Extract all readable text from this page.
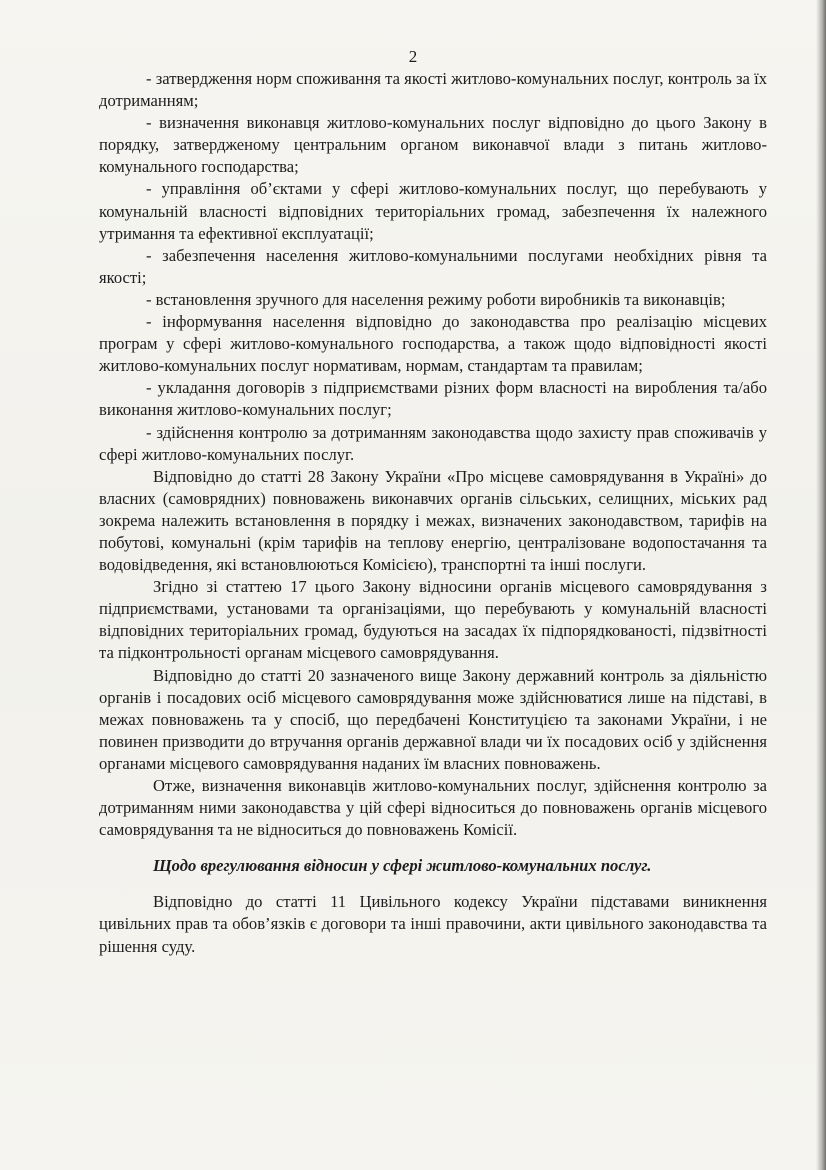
2

- затвердження норм споживання та якості житлово-комунальних послуг, контроль за їх дотриманням;

- визначення виконавця житлово-комунальних послуг відповідно до цього Закону в порядку, затвердженому центральним органом виконавчої влади з питань житлово-комунального господарства;

- управління об’єктами у сфері житлово-комунальних послуг, що перебувають у комунальній власності відповідних територіальних громад, забезпечення їх належного утримання та ефективної експлуатації;

- забезпечення населення житлово-комунальними послугами необхідних рівня та якості;

- встановлення зручного для населення режиму роботи виробників та виконавців;

- інформування населення відповідно до законодавства про реалізацію місцевих програм у сфері житлово-комунального господарства, а також щодо відповідності якості житлово-комунальних послуг нормативам, нормам, стандартам та правилам;

- укладання договорів з підприємствами різних форм власності на виробления та/або виконання житлово-комунальних послуг;

- здійснення контролю за дотриманням законодавства щодо захисту прав споживачів у сфері житлово-комунальних послуг.

Відповідно до статті 28 Закону України «Про місцеве самоврядування в Україні» до власних (самоврядних) повноважень виконавчих органів сільських, селищних, міських рад зокрема належить встановлення в порядку і межах, визначених законодавством, тарифів на побутові, комунальні (крім тарифів на теплову енергію, централізоване водопостачання та водовідведення, які встановлюються Комісією), транспортні та інші послуги.

Згідно зі статтею 17 цього Закону відносини органів місцевого самоврядування з підприємствами, установами та організаціями, що перебувають у комунальній власності відповідних територіальних громад, будуються на засадах їх підпорядкованості, підзвітності та підконтрольності органам місцевого самоврядування.

Відповідно до статті 20 зазначеного вище Закону державний контроль за діяльністю органів і посадових осіб місцевого самоврядування може здійснюватися лише на підставі, в межах повноважень та у спосіб, що передбачені Конституцією та законами України, і не повинен призводити до втручання органів державної влади чи їх посадових осіб у здійснення органами місцевого самоврядування наданих їм власних повноважень.

Отже, визначення виконавців житлово-комунальних послуг, здійснення контролю за дотриманням ними законодавства у цій сфері відноситься до повноважень органів місцевого самоврядування та не відноситься до повноважень Комісії.

Щодо врегулювання відносин у сфері житлово-комунальних послуг.

Відповідно до статті 11 Цивільного кодексу України підставами виникнення цивільних прав та обов’язків є договори та інші правочини, акти цивільного законодавства та рішення суду.
